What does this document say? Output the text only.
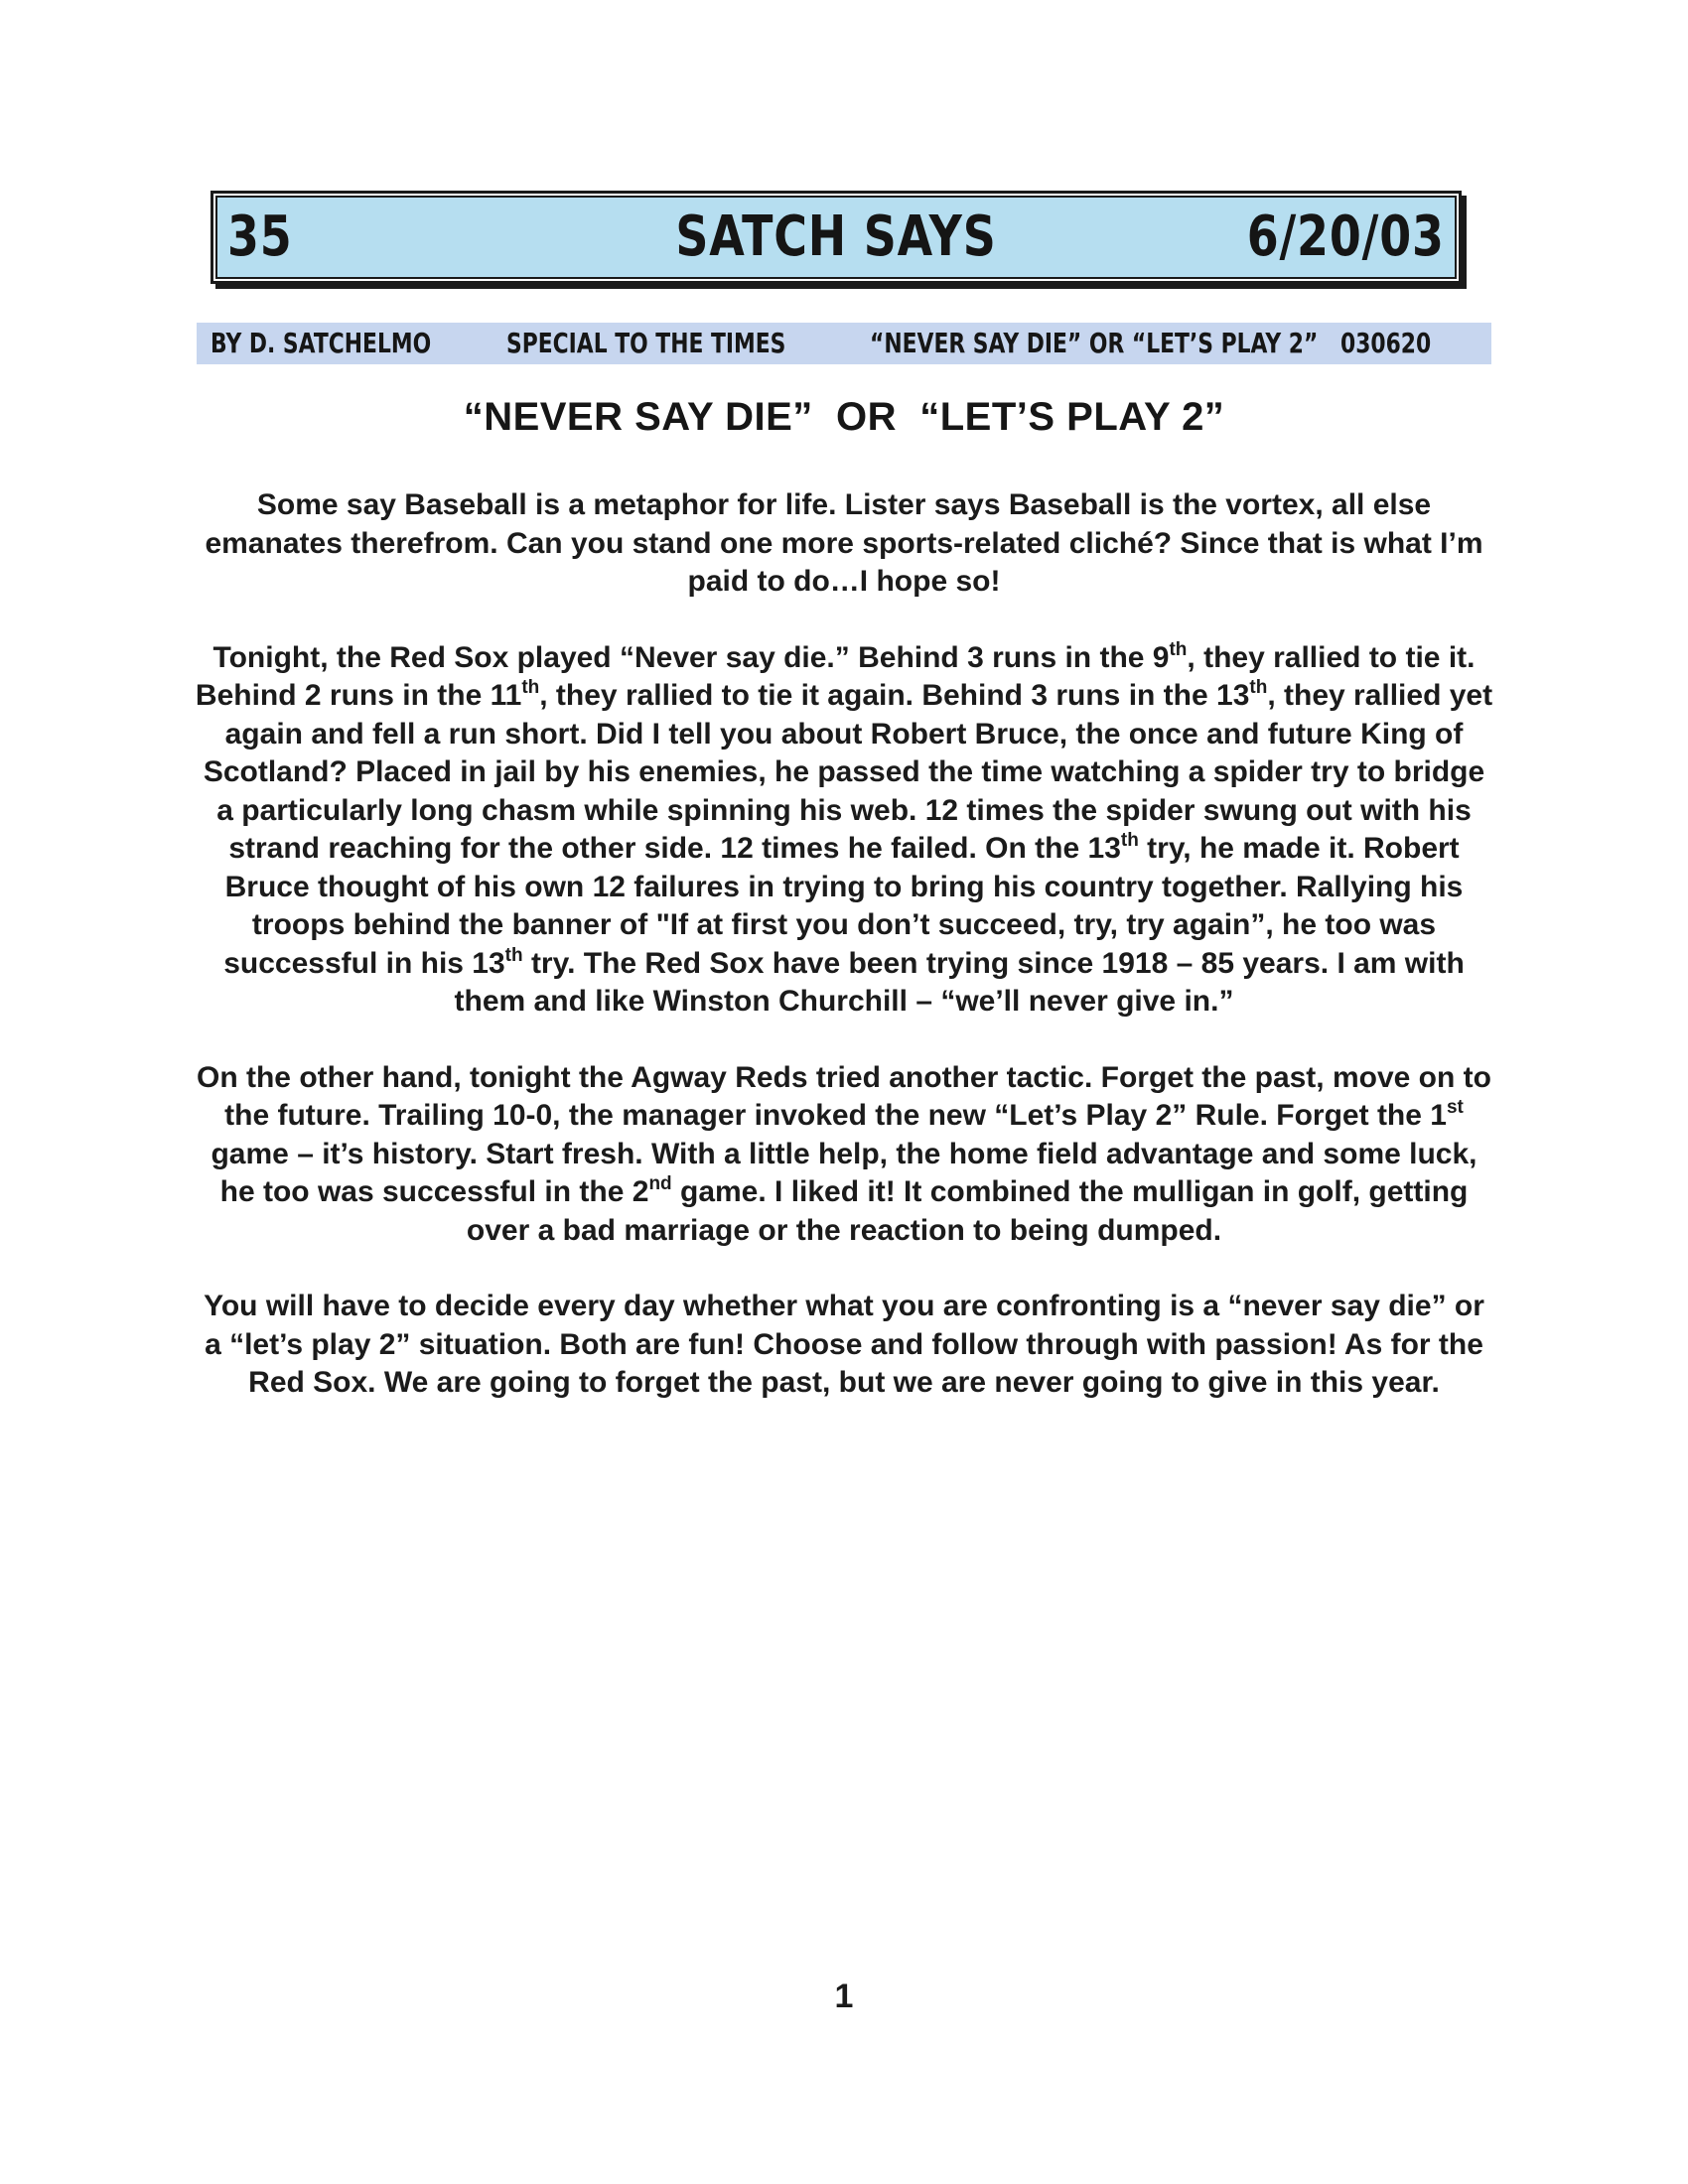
35	SATCH SAYS	6/20/03
BY D. SATCHELMO	SPECIAL TO THE TIMES	“NEVER SAY DIE” OR “LET’S PLAY 2” 030620
“NEVER SAY DIE”  OR  “LET’S PLAY 2”

Some say Baseball is a metaphor for life. Lister says Baseball is the vortex, all else emanates therefrom. Can you stand one more sports-related cliché? Since that is what I’m paid to do…I hope so!

Tonight, the Red Sox played “Never say die.” Behind 3 runs in the 9th, they rallied to tie it. Behind 2 runs in the 11th, they rallied to tie it again. Behind 3 runs in the 13th, they rallied yet again and fell a run short. Did I tell you about Robert Bruce, the once and future King of Scotland? Placed in jail by his enemies, he passed the time watching a spider try to bridge a particularly long chasm while spinning his web. 12 times the spider swung out with his strand reaching for the other side. 12 times he failed. On the 13th try, he made it. Robert Bruce thought of his own 12 failures in trying to bring his country together. Rallying his troops behind the banner of "If at first you don’t succeed, try, try again”, he too was successful in his 13th try. The Red Sox have been trying since 1918 – 85 years. I am with them and like Winston Churchill – “we’ll never give in.”

On the other hand, tonight the Agway Reds tried another tactic. Forget the past, move on to the future. Trailing 10-0, the manager invoked the new “Let’s Play 2” Rule. Forget the 1st game – it’s history. Start fresh. With a little help, the home field advantage and some luck, he too was successful in the 2nd game. I liked it! It combined the mulligan in golf, getting over a bad marriage or the reaction to being dumped.

You will have to decide every day whether what you are confronting is a “never say die” or a “let’s play 2” situation. Both are fun! Choose and follow through with passion! As for the Red Sox. We are going to forget the past, but we are never going to give in this year.

1
